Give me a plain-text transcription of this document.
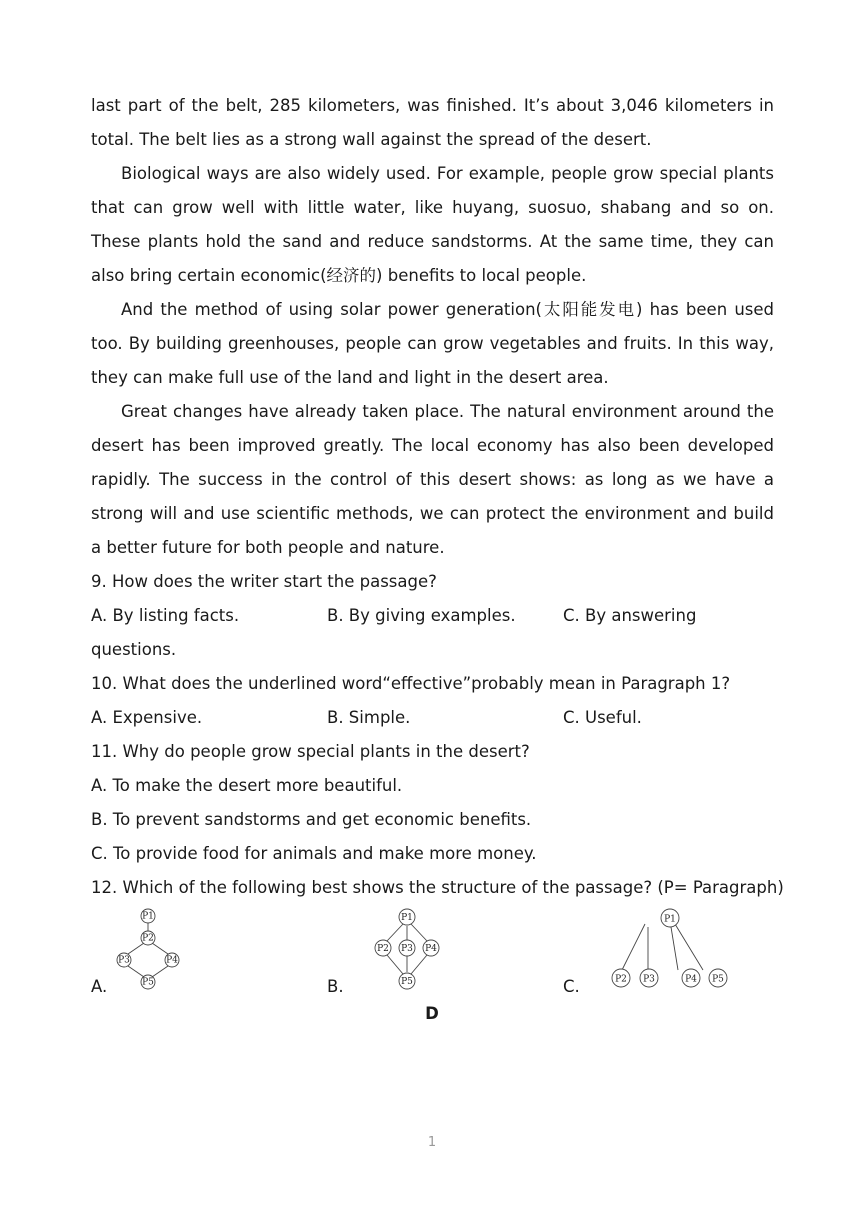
last part of the belt, 285 kilometers, was finished. It’s about 3,046 kilometers in total. The belt lies as a strong wall against the spread of the desert.

Biological ways are also widely used. For example, people grow special plants that can grow well with little water, like huyang, suosuo, shabang and so on. These plants hold the sand and reduce sandstorms. At the same time, they can also bring certain economic(经济的) benefits to local people.

And the method of using solar power generation(太阳能发电) has been used too. By building greenhouses, people can grow vegetables and fruits. In this way, they can make full use of the land and light in the desert area.

Great changes have already taken place. The natural environment around the desert has been improved greatly. The local economy has also been developed rapidly. The success in the control of this desert shows: as long as we have a strong will and use scientific methods, we can protect the environment and build a better future for both people and nature.

9. How does the writer start the passage?

A. By listing facts.	B. By giving examples.	C. By answering

questions.

10. What does the underlined word“effective”probably mean in Paragraph 1?

A. Expensive.	B. Simple.	C. Useful.

11. Why do people grow special plants in the desert?

A. To make the desert more beautiful.

B. To prevent sandstorms and get economic benefits.

C. To provide food for animals and make more money.

12. Which of the following best shows the structure of the passage? (P= Paragraph)

A.
P1
P2
P3	P4
P5	B.
P1
P2 P3 P4
P5	C.
P1
P2 P3	P4 P5
D
1
